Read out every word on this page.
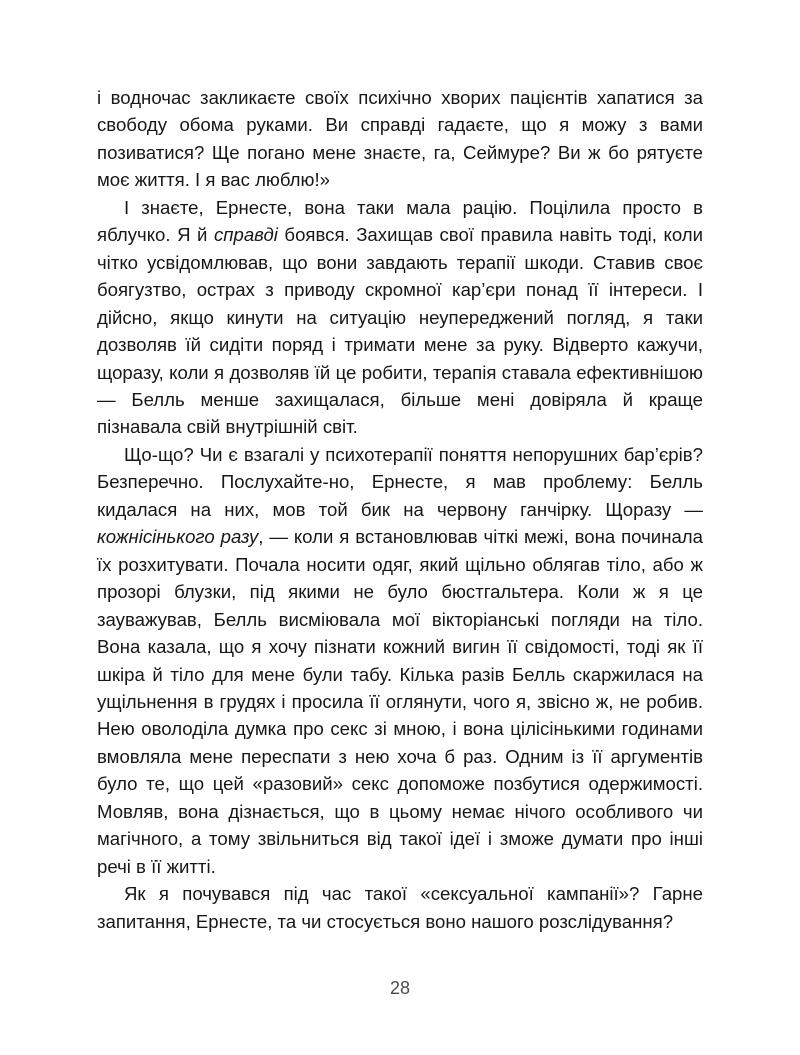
і водночас закликаєте своїх психічно хворих пацієнтів хапатися за свободу обома руками. Ви справді гадаєте, що я можу з вами позиватися? Ще погано мене знаєте, га, Сеймуре? Ви ж бо рятуєте моє життя. І я вас люблю!»

І знаєте, Ернесте, вона таки мала рацію. Поцілила просто в яблучко. Я й справді боявся. Захищав свої правила навіть тоді, коли чітко усвідомлював, що вони завдають терапії шкоди. Ставив своє боягузтво, острах з приводу скромної кар’єри понад її інтереси. І дійсно, якщо кинути на ситуацію неупереджений погляд, я таки дозволяв їй сидіти поряд і тримати мене за руку. Відверто кажучи, щоразу, коли я дозволяв їй це робити, терапія ставала ефективнішою — Белль менше захищалася, більше мені довіряла й краще пізнавала свій внутрішній світ.

Що-що? Чи є взагалі у психотерапії поняття непорушних бар’єрів? Безперечно. Послухайте-но, Ернесте, я мав проблему: Белль кидалася на них, мов той бик на червону ганчірку. Щоразу — кожнісінького разу, — коли я встановлював чіткі межі, вона починала їх розхитувати. Почала носити одяг, який щільно облягав тіло, або ж прозорі блузки, під якими не було бюстгальтера. Коли ж я це зауважував, Белль висміювала мої вікторіанські погляди на тіло. Вона казала, що я хочу пізнати кожний вигин її свідомості, тоді як її шкіра й тіло для мене були табу. Кілька разів Белль скаржилася на ущільнення в грудях і просила її оглянути, чого я, звісно ж, не робив. Нею оволоділа думка про секс зі мною, і вона цілісінькими годинами вмовляла мене переспати з нею хоча б раз. Одним із її аргументів було те, що цей «разовий» секс допоможе позбутися одержимості. Мовляв, вона дізнається, що в цьому немає нічого особливого чи магічного, а тому звільниться від такої ідеї і зможе думати про інші речі в її житті.

Як я почувався під час такої «сексуальної кампанії»? Гарне запитання, Ернесте, та чи стосується воно нашого розслідування?

28
